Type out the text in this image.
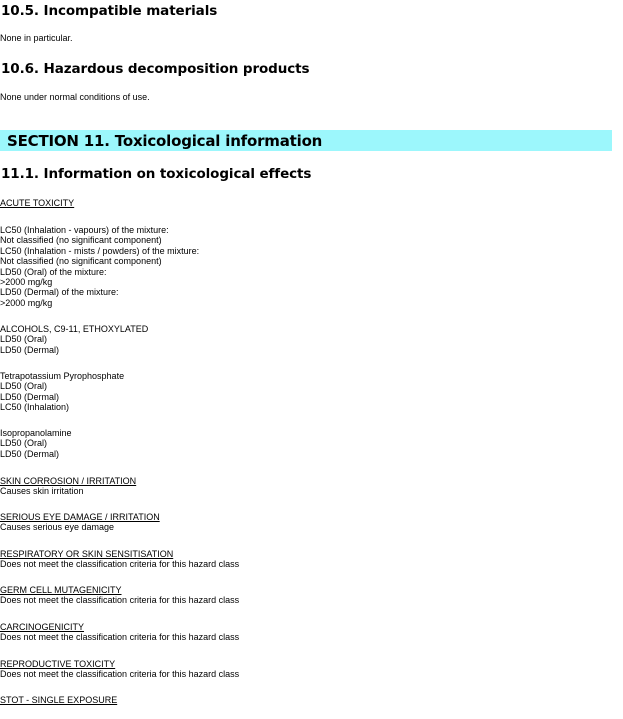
10.5. Incompatible materials
None in particular.
10.6. Hazardous decomposition products
None under normal conditions of use.
SECTION 11. Toxicological information
11.1. Information on toxicological effects
ACUTE TOXICITY
LC50 (Inhalation - vapours) of the mixture:
Not classified (no significant component)
LC50 (Inhalation - mists / powders) of the mixture:
Not classified (no significant component)
LD50 (Oral) of the mixture:
>2000 mg/kg
LD50 (Dermal) of the mixture:
>2000 mg/kg
ALCOHOLS, C9-11, ETHOXYLATED
LD50 (Oral)
LD50 (Dermal)
Tetrapotassium Pyrophosphate
LD50 (Oral)
LD50 (Dermal)
LC50 (Inhalation)
Isopropanolamine
LD50 (Oral)
LD50 (Dermal)
SKIN CORROSION / IRRITATION
Causes skin irritation
SERIOUS EYE DAMAGE / IRRITATION
Causes serious eye damage
RESPIRATORY OR SKIN SENSITISATION
Does not meet the classification criteria for this hazard class
GERM CELL MUTAGENICITY
Does not meet the classification criteria for this hazard class
CARCINOGENICITY
Does not meet the classification criteria for this hazard class
REPRODUCTIVE TOXICITY
Does not meet the classification criteria for this hazard class
STOT - SINGLE EXPOSURE
